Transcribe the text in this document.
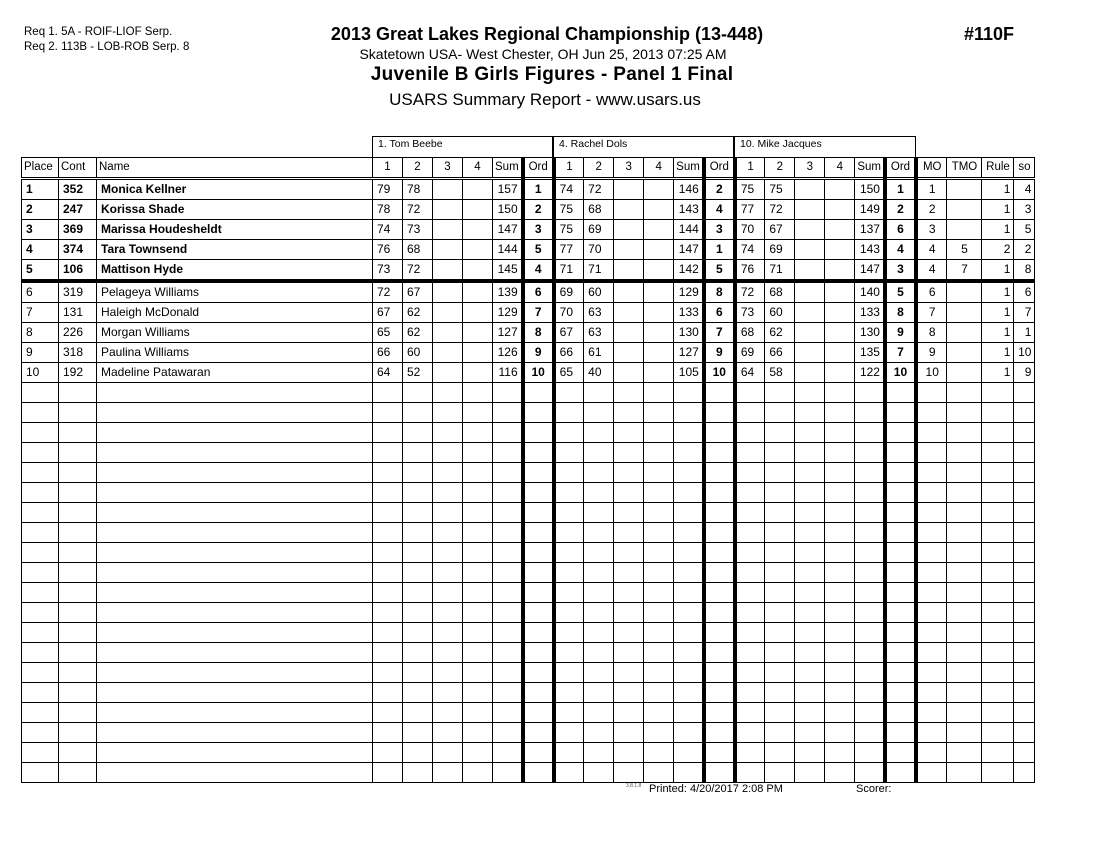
Req 1. 5A - ROIF-LIOF Serp.
Req 2. 113B - LOB-ROB Serp. 8
2013 Great Lakes Regional Championship (13-448)
Skatetown USA- West Chester, OH Jun 25, 2013 07:25 AM
Juvenile B Girls Figures - Panel 1 Final
USARS Summary Report - www.usars.us
#110F
1. Tom Beebe	4. Rachel Dols	10. Mike Jacques
Place	Cont	Name	1	2	3	4	Sum	Ord	1	2	3	4	Sum	Ord	1	2	3	4	Sum	Ord	MO	TMO	Rule	so
1	352	Monica Kellner	79	78			157	1	74	72			146	2	75	75			150	1	1		1	4
2	247	Korissa Shade	78	72			150	2	75	68			143	4	77	72			149	2	2		1	3
3	369	Marissa Houdesheldt	74	73			147	3	75	69			144	3	70	67			137	6	3		1	5
4	374	Tara Townsend	76	68			144	5	77	70			147	1	74	69			143	4	4	5	2	2
5	106	Mattison Hyde	73	72			145	4	71	71			142	5	76	71			147	3	4	7	1	8
6	319	Pelageya Williams	72	67			139	6	69	60			129	8	72	68			140	5	6		1	6
7	131	Haleigh McDonald	67	62			129	7	70	63			133	6	73	60			133	8	7		1	7
8	226	Morgan Williams	65	62			127	8	67	63			130	7	68	62			130	9	8		1	1
9	318	Paulina Williams	66	60			126	9	66	61			127	9	69	66			135	7	9		1	10
10	192	Madeline Patawaran	64	52			116	10	65	40			105	10	64	58			122	10	10		1	9

3.8.1.8 Printed: 4/20/2017 2:08 PM	Scorer:
